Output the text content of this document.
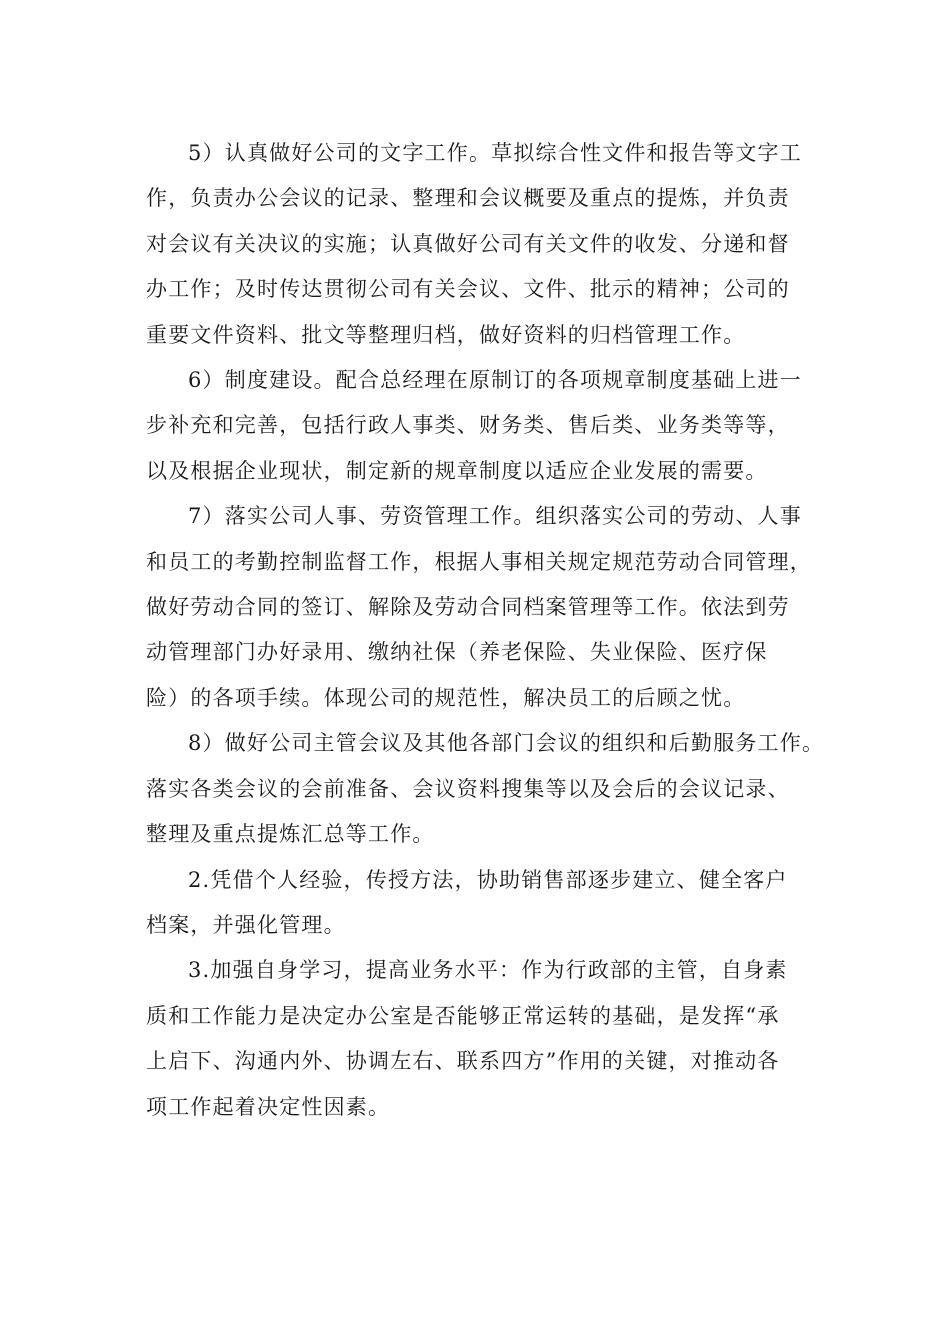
5）认真做好公司的文字工作。草拟综合性文件和报告等文字工
作，负责办公会议的记录、整理和会议概要及重点的提炼，并负责
对会议有关决议的实施；认真做好公司有关文件的收发、分递和督
办工作；及时传达贯彻公司有关会议、文件、批示的精神；公司的
重要文件资料、批文等整理归档，做好资料的归档管理工作。
6）制度建设。配合总经理在原制订的各项规章制度基础上进一
步补充和完善，包括行政人事类、财务类、售后类、业务类等等，
以及根据企业现状，制定新的规章制度以适应企业发展的需要。
7）落实公司人事、劳资管理工作。组织落实公司的劳动、人事
和员工的考勤控制监督工作，根据人事相关规定规范劳动合同管理，
做好劳动合同的签订、解除及劳动合同档案管理等工作。依法到劳
动管理部门办好录用、缴纳社保（养老保险、失业保险、医疗保
险）的各项手续。体现公司的规范性，解决员工的后顾之忧。
8）做好公司主管会议及其他各部门会议的组织和后勤服务工作。
落实各类会议的会前准备、会议资料搜集等以及会后的会议记录、
整理及重点提炼汇总等工作。
2.凭借个人经验，传授方法，协助销售部逐步建立、健全客户
档案，并强化管理。
3.加强自身学习，提高业务水平：作为行政部的主管，自身素
质和工作能力是决定办公室是否能够正常运转的基础，是发挥“承
上启下、沟通内外、协调左右、联系四方”作用的关键，对推动各
项工作起着决定性因素。
